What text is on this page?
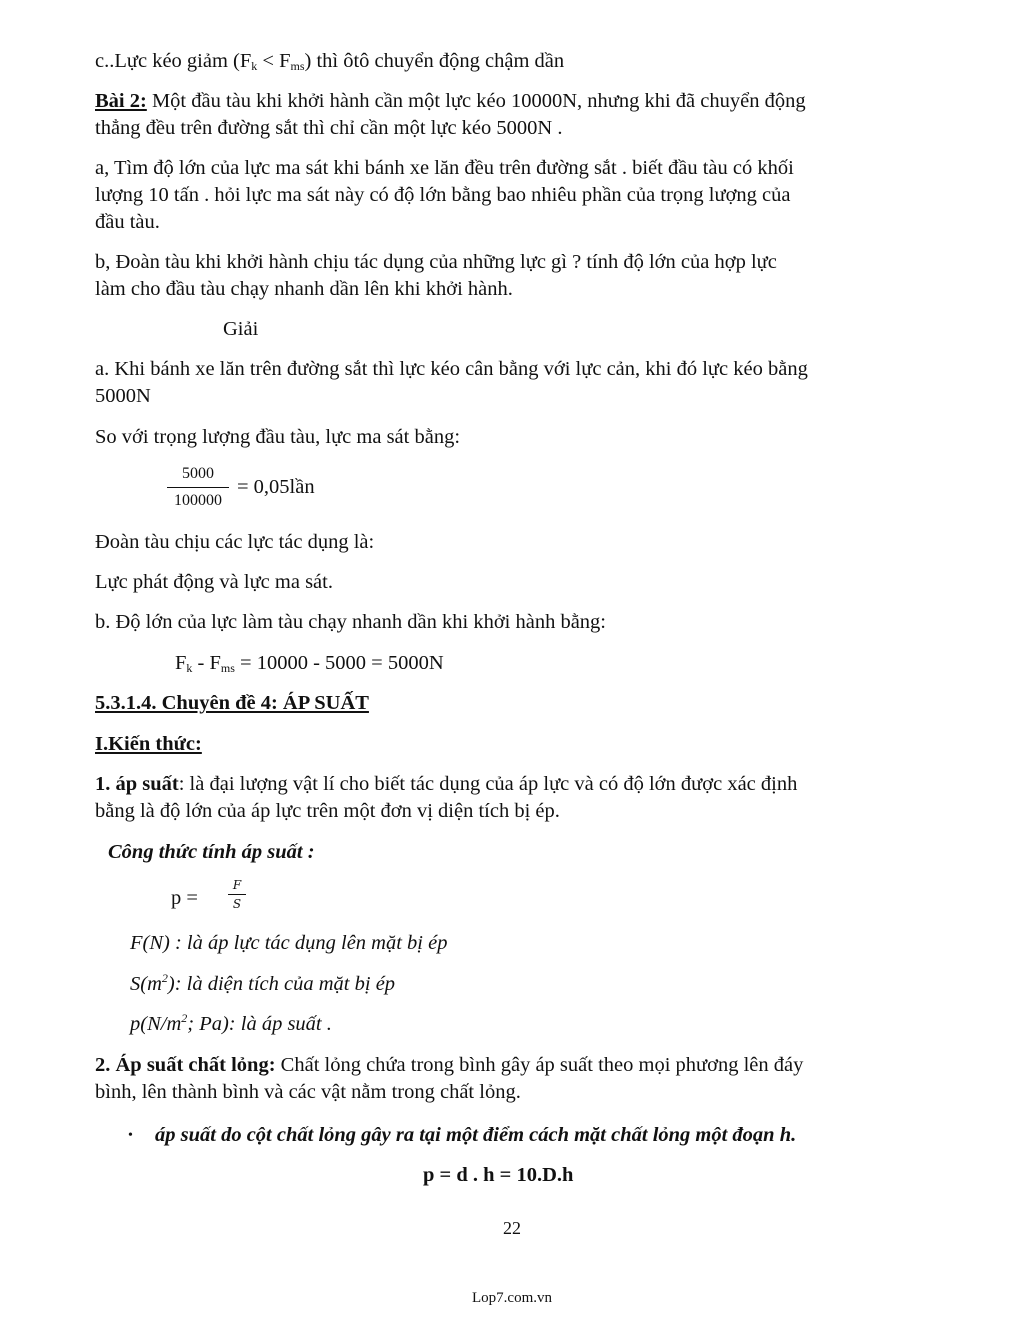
c..Lực kéo giảm $(F_k < F_{ms})$ thì ôtô chuyển động chậm dần
Bài 2: Một đầu tàu khi khởi hành cần một lực kéo 10000N, nhưng khi đã chuyển động
thẳng đều trên đường sắt thì chỉ cần một lực kéo 5000N .
a, Tìm độ lớn của lực ma sát khi bánh xe lăn đều trên đường sắt . biết đầu tàu có khối
lượng 10 tấn . hỏi lực ma sát này có độ lớn bằng bao nhiêu phần của trọng lượng của
đầu tàu.
b, Đoàn tàu khi khởi hành chịu tác dụng của những lực gì ? tính độ lớn của hợp lực
làm cho đầu tàu chạy nhanh dần lên khi khởi hành.
Giải
a. Khi bánh xe lăn trên đường sắt thì lực kéo cân bằng với lực cản, khi đó lực kéo bằng
5000N
So với trọng lượng đầu tàu, lực ma sát bằng:
5000
100000
= 0,05lần
Đoàn tàu chịu các lực tác dụng là:
Lực phát động và lực ma sát.
b. Độ lớn của lực làm tàu chạy nhanh dần khi khởi hành bằng:
$F_k - F_{ms} = 10000 - 5000 = 5000N$
5.3.1.4. Chuyên đề 4: ÁP SUẤT
I.Kiến thức:
1. áp suất: là đại lượng vật lí cho biết tác dụng của áp lực và có độ lớn được xác định
bằng là độ lớn của áp lực trên một đơn vị diện tích bị ép.
Công thức tính áp suất :
p =
F
S
F(N) : là áp lực tác dụng lên mặt bị ép
$S(m^2)$: là diện tích của mặt bị ép
$p(N/m^2$; Pa): là áp suất .
2. Áp suất chất lỏng: Chất lỏng chứa trong bình gây áp suất theo mọi phương lên đáy
bình, lên thành bình và các vật nằm trong chất lỏng.
• áp suất do cột chất lỏng gây ra tại một điểm cách mặt chất lỏng một đoạn h.
p = d . h = 10.D.h
22
Lop7.com.vn
